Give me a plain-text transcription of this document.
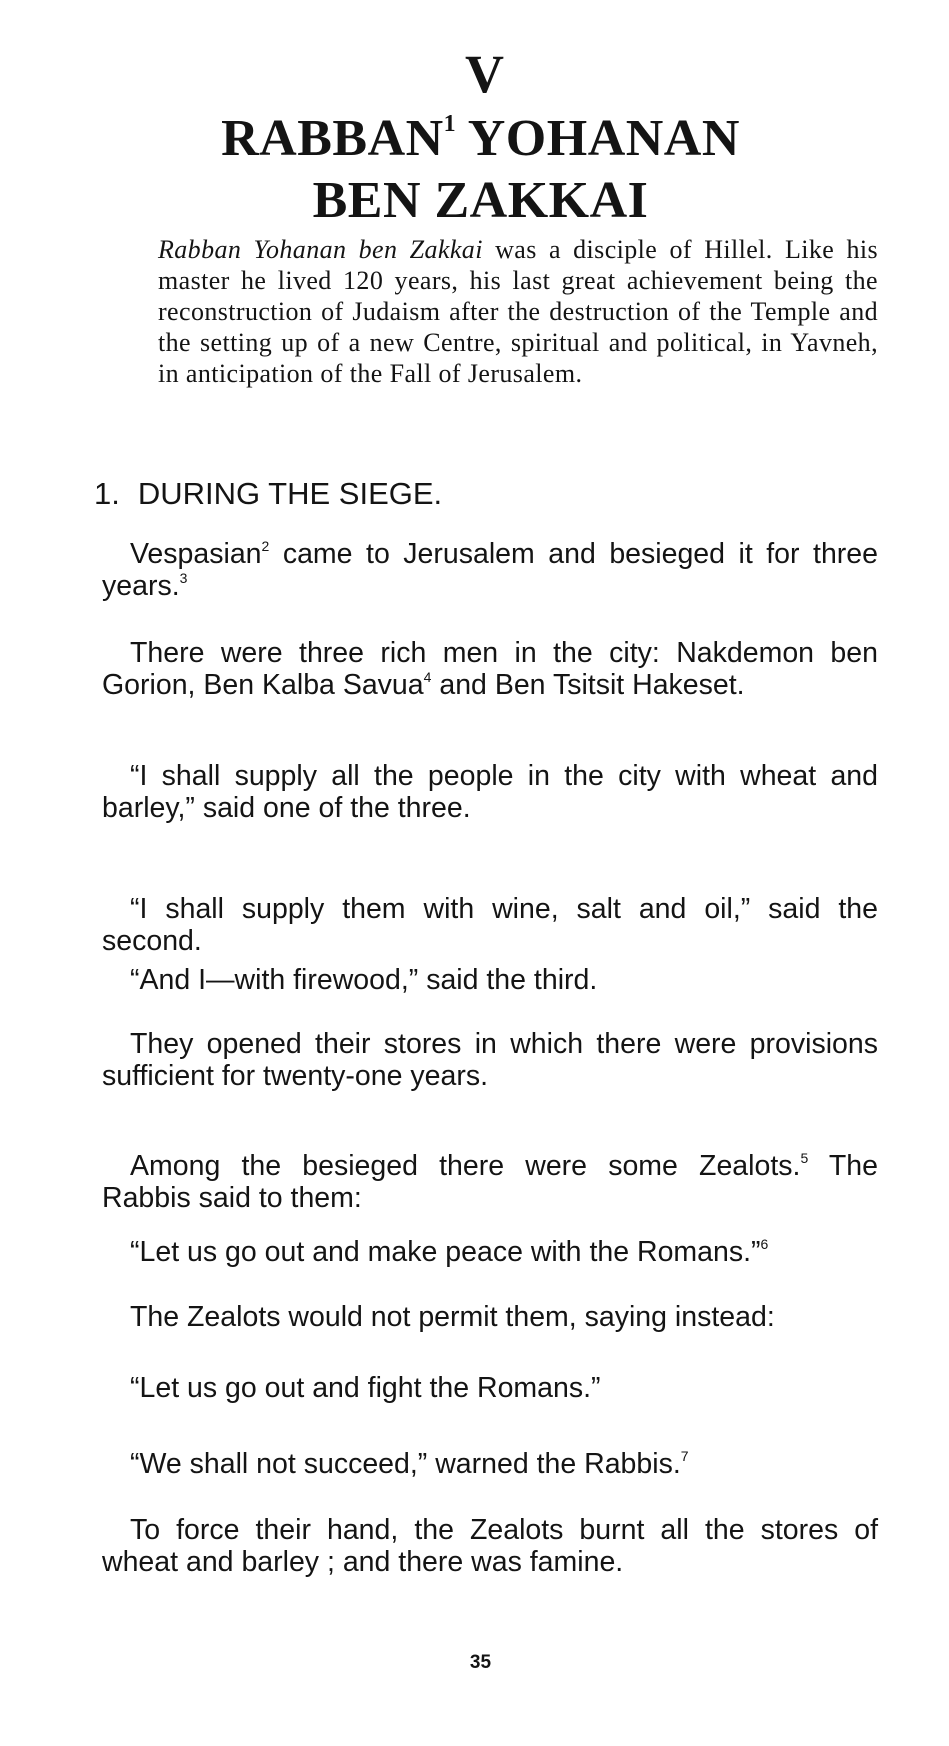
V
RABBAN$^1$ YOHANAN
BEN ZAKKAI
Rabban Yohanan ben Zakkai was a disciple of Hillel. Like his master he lived 120 years, his last great achievement being the reconstruction of Judaism after the destruction of the Temple and the setting up of a new Centre, spiritual and political, in Yavneh, in anticipation of the Fall of Jerusalem.
1. DURING THE SIEGE.
Vespasian$^2$ came to Jerusalem and besieged it for three years.$^3$
There were three rich men in the city: Nakdemon ben Gorion, Ben Kalba Savua$^4$ and Ben Tsitsit Hakeset.
“I shall supply all the people in the city with wheat and barley,” said one of the three.
“I shall supply them with wine, salt and oil,” said the second.
“And I—with firewood,” said the third.
They opened their stores in which there were provisions sufficient for twenty-one years.
Among the besieged there were some Zealots.$^5$ The Rabbis said to them:
“Let us go out and make peace with the Romans.”$^6$
The Zealots would not permit them, saying instead:
“Let us go out and fight the Romans.”
“We shall not succeed,” warned the Rabbis.$^7$
To force their hand, the Zealots burnt all the stores of wheat and barley ; and there was famine.
35
